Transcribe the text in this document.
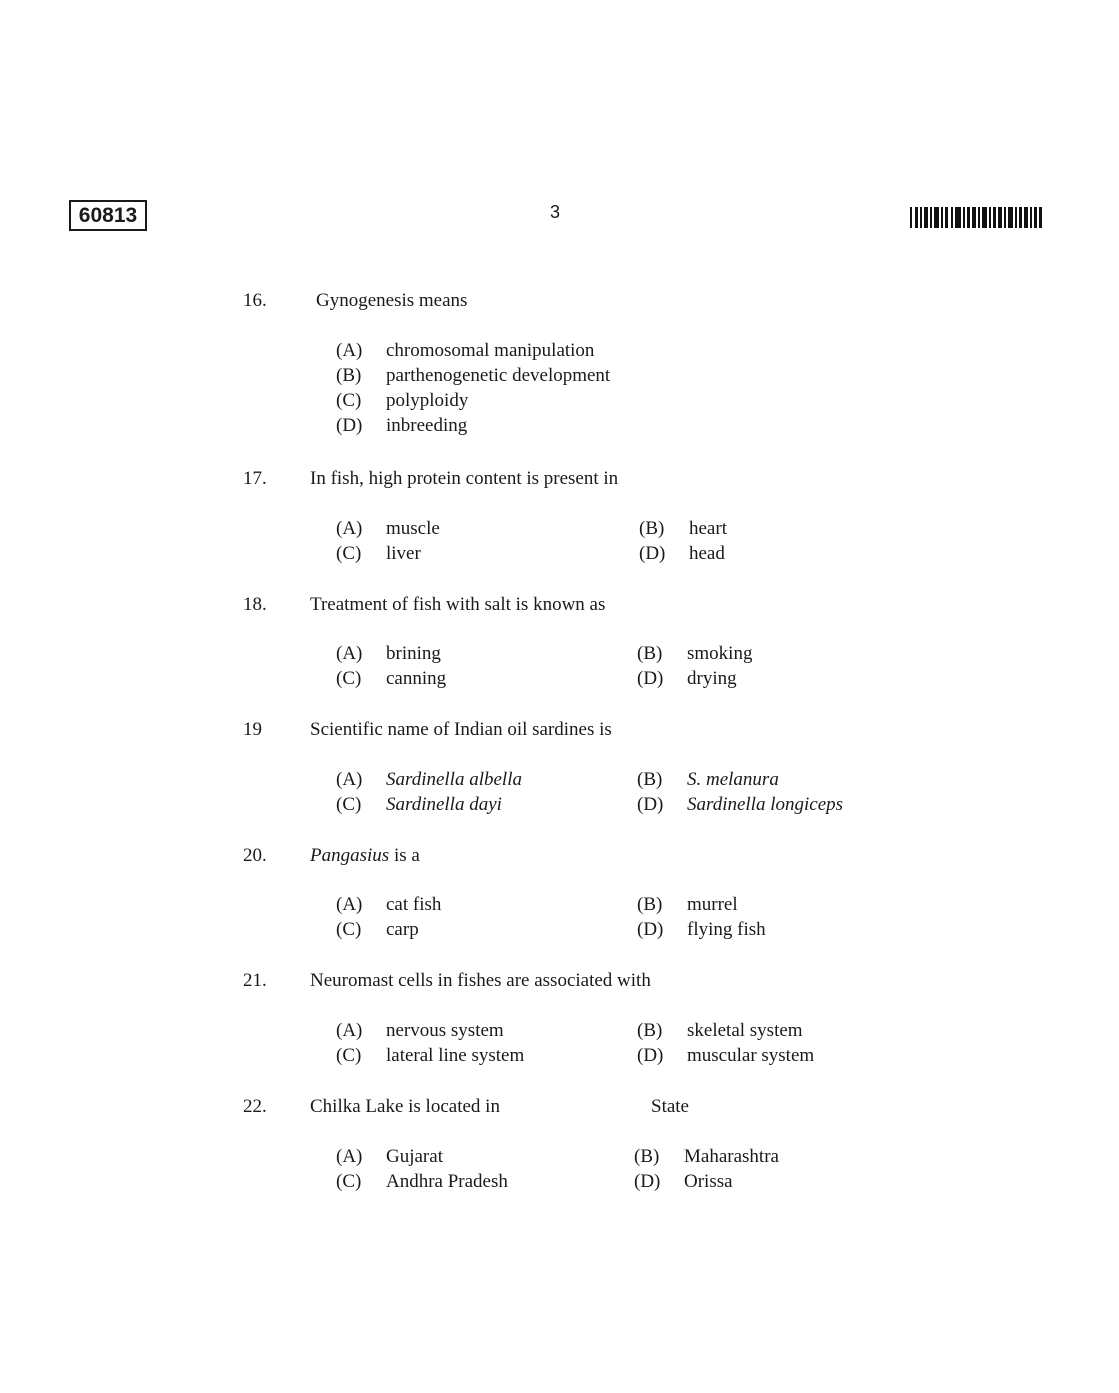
60813	3
16.	Gynogenesis means
(A) chromosomal manipulation
(B) parthenogenetic development
(C) polyploidy
(D) inbreeding
17. In fish, high protein content is present in
(A) muscle	(B) heart
(C) liver	(D) head
18. Treatment of fish with salt is known as
(A) brining	(B) smoking
(C) canning	(D) drying
19	Scientific name of Indian oil sardines is
(A) Sardinella albella	(B) S. melanura
(C) Sardinella dayi	(D) Sardinella longiceps
20. Pangasius is a
(A) cat fish	(B) murrel
(C) carp	(D) flying fish
21. Neuromast cells in fishes are associated with
(A) nervous system	(B) skeletal system
(C) lateral line system	(D) muscular system
22. Chilka Lake is located in	State
(A) Gujarat	(B) Maharashtra
(C) Andhra Pradesh	(D) Orissa
